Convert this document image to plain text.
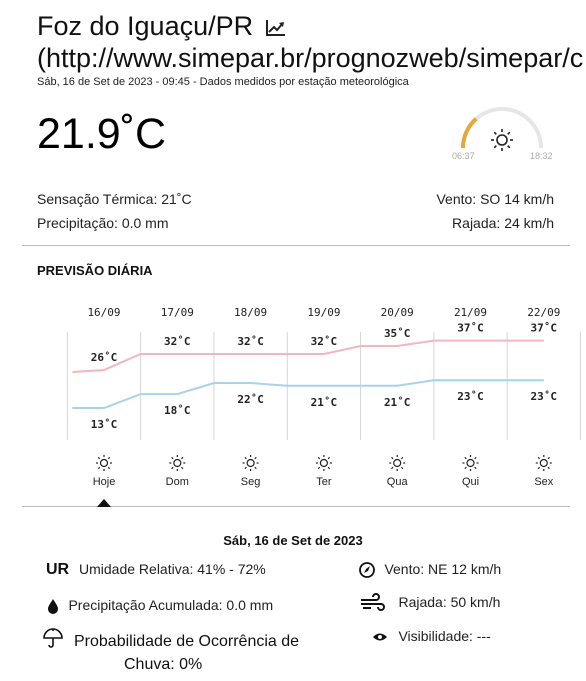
Foz do Iguaçu/PR
(http://www.simepar.br/prognozweb/simepar/c
Sáb, 16 de Set de 2023 - 09:45 - Dados medidos por estação meteorológica
21.9˚C	06:37	18:32
Sensação Térmica: 21˚C
Precipitação: 0.0 mm
Vento: SO 14 km/h
Rajada: 24 km/h
PREVISÃO DIÁRIA
16/09
26˚C
13˚C
Hoje
17/09
32˚C
18˚C
Dom
18/09
32˚C
22˚C
Seg
19/09
32˚C
21˚C
Ter
20/09
35˚C
21˚C
Qua
21/09
37˚C
23˚C
Qui
22/09
37˚C
23˚C
Sex
Sáb, 16 de Set de 2023
UR Umidade Relativa: 41% - 72%
Precipitação Acumulada: 0.0 mm
Probabilidade de Ocorrência de
Chuva: 0%
Vento: NE 12 km/h
Rajada: 50 km/h
Visibilidade: ---
